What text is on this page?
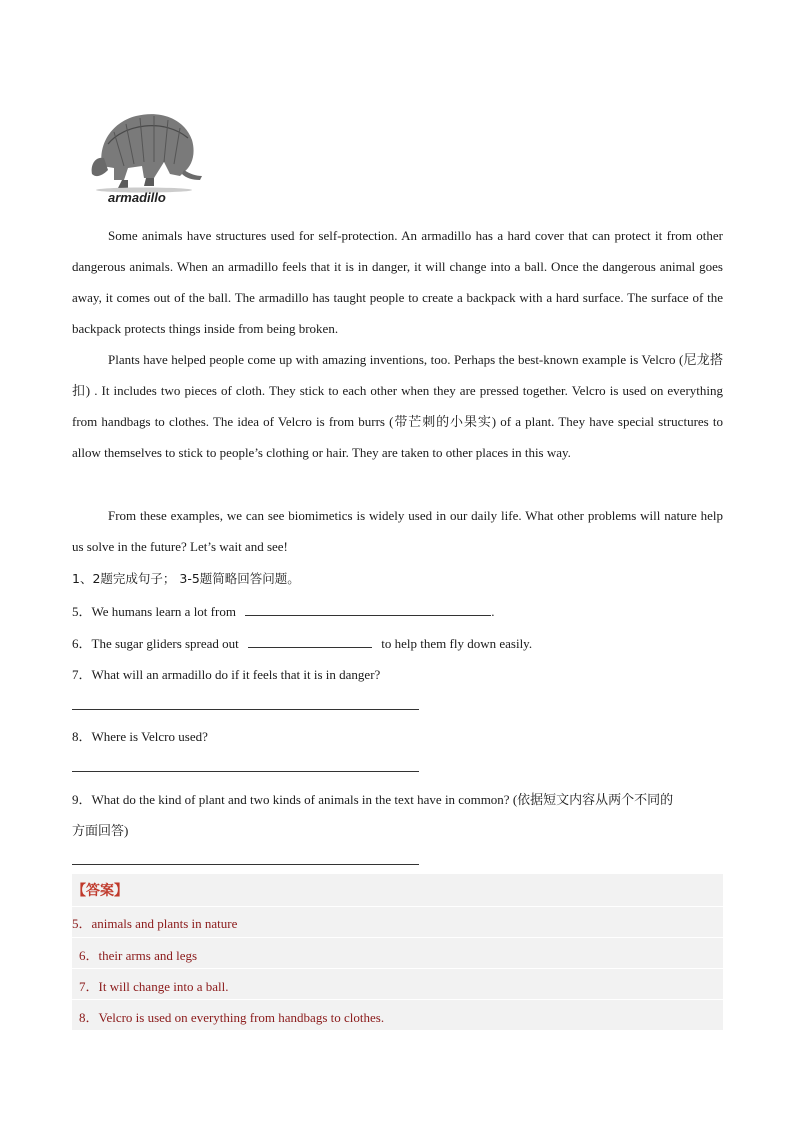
armadillo

Some animals have structures used for self-protection. An armadillo has a hard cover that can protect it from other dangerous animals. When an armadillo feels that it is in danger, it will change into a ball. Once the dangerous animal goes away, it comes out of the ball. The armadillo has taught people to create a backpack with a hard surface. The surface of the backpack protects things inside from being broken.

Plants have helped people come up with amazing inventions, too. Perhaps the best-known example is Velcro (尼龙搭扣) . It includes two pieces of cloth. They stick to each other when they are pressed together. Velcro is used on everything from handbags to clothes. The idea of Velcro is from burrs (带芒刺的小果实) of a plant. They have special structures to allow themselves to stick to people’s clothing or hair. They are taken to other places in this way.

From these examples, we can see biomimetics is widely used in our daily life. What other problems will nature help us solve in the future? Let’s wait and see!

1、2题完成句子； 3-5题简略回答问题。
5．We humans learn a lot from	.
6．The sugar gliders spread out	to help them fly down easily.
7．What will an armadillo do if it feels that it is in danger?
8．Where is Velcro used?
9．What do the kind of plant and two kinds of animals in the text have in common? (依据短文内容从两个不同的
方面回答)
【答案】
5．animals and plants in nature
6．their arms and legs
7．It will change into a ball.
8．Velcro is used on everything from handbags to clothes.
